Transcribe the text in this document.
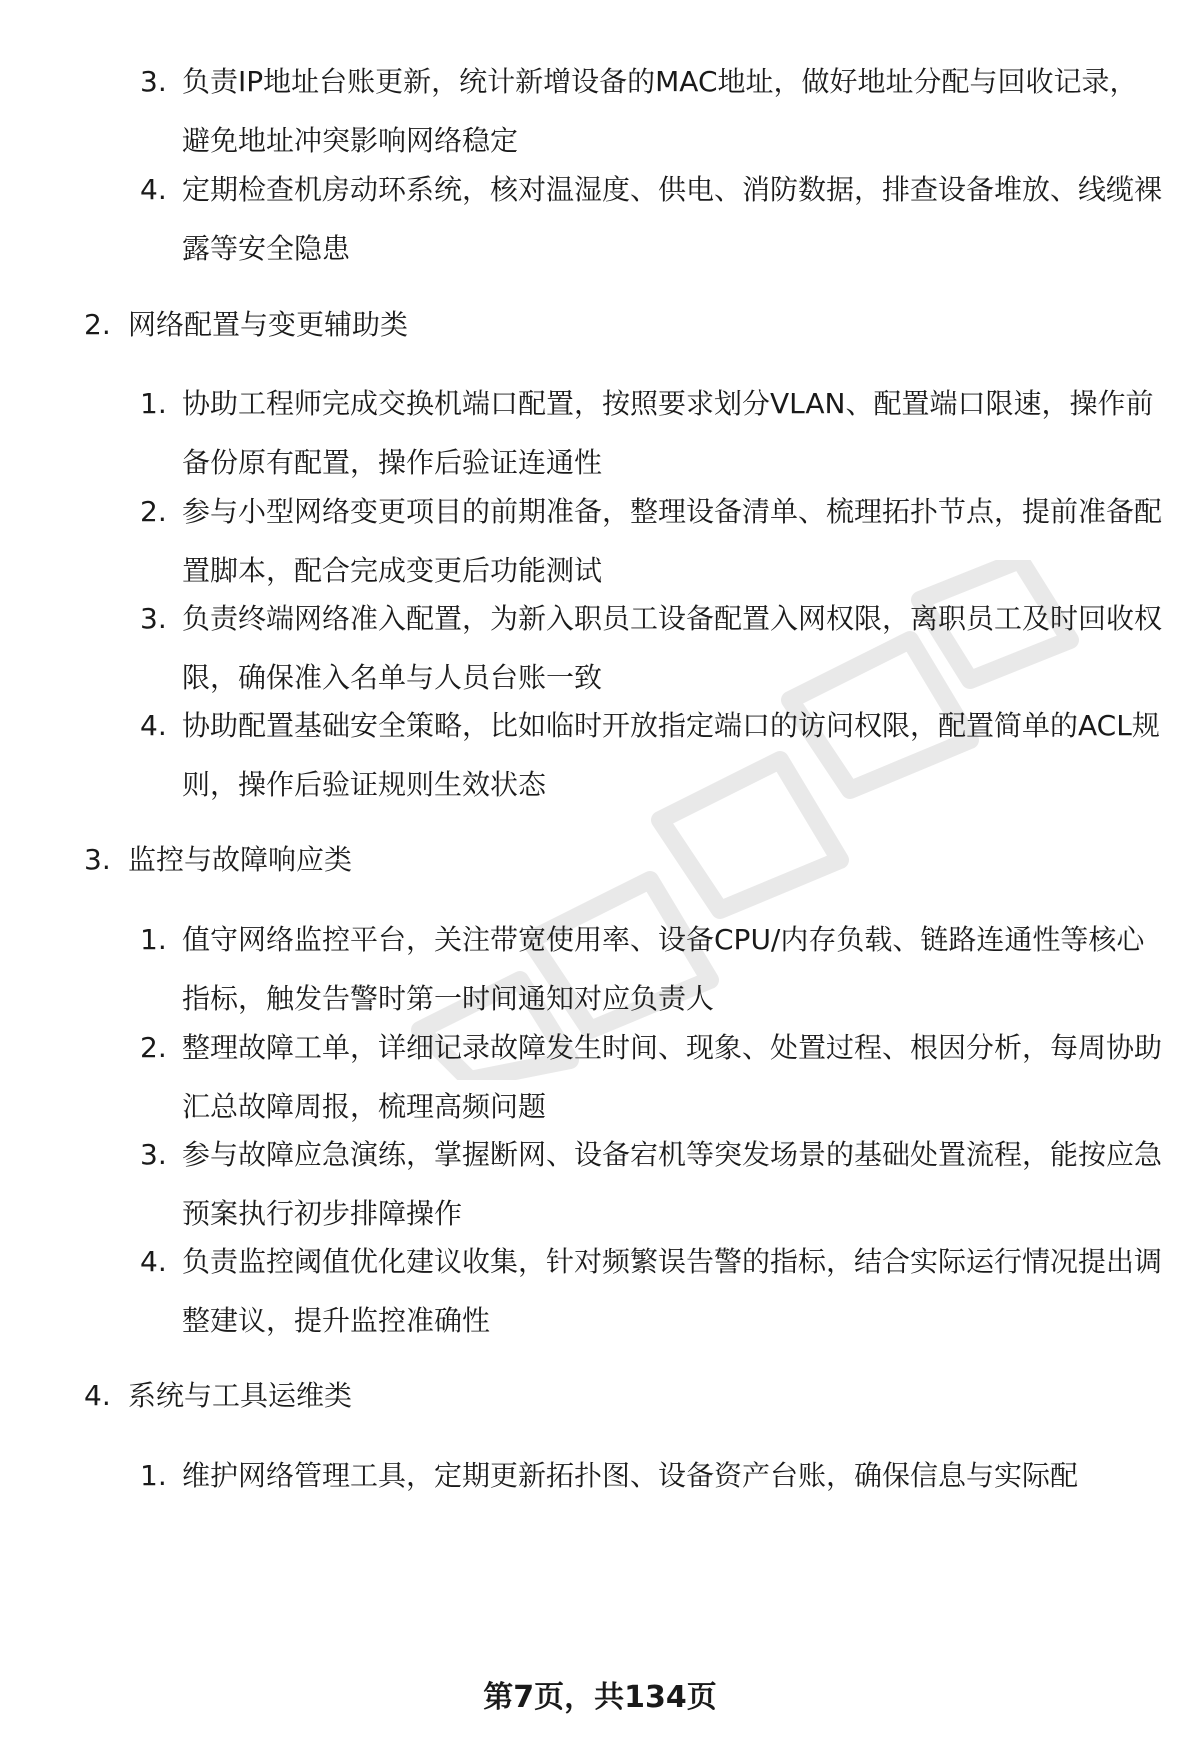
3. 负责IP地址台账更新，统计新增设备的MAC地址，做好地址分配与回收记录，避免地址冲突影响网络稳定
4. 定期检查机房动环系统，核对温湿度、供电、消防数据，排查设备堆放、线缆裸露等安全隐患
2. 网络配置与变更辅助类
1. 协助工程师完成交换机端口配置，按照要求划分VLAN、配置端口限速，操作前备份原有配置，操作后验证连通性
2. 参与小型网络变更项目的前期准备，整理设备清单、梳理拓扑节点，提前准备配置脚本，配合完成变更后功能测试
3. 负责终端网络准入配置，为新入职员工设备配置入网权限，离职员工及时回收权限，确保准入名单与人员台账一致
4. 协助配置基础安全策略，比如临时开放指定端口的访问权限，配置简单的ACL规则，操作后验证规则生效状态
3. 监控与故障响应类
1. 值守网络监控平台，关注带宽使用率、设备CPU/内存负载、链路连通性等核心指标，触发告警时第一时间通知对应负责人
2. 整理故障工单，详细记录故障发生时间、现象、处置过程、根因分析，每周协助汇总故障周报，梳理高频问题
3. 参与故障应急演练，掌握断网、设备宕机等突发场景的基础处置流程，能按应急预案执行初步排障操作
4. 负责监控阈值优化建议收集，针对频繁误告警的指标，结合实际运行情况提出调整建议，提升监控准确性
4. 系统与工具运维类
1. 维护网络管理工具，定期更新拓扑图、设备资产台账，确保信息与实际配
第7页，共134页
